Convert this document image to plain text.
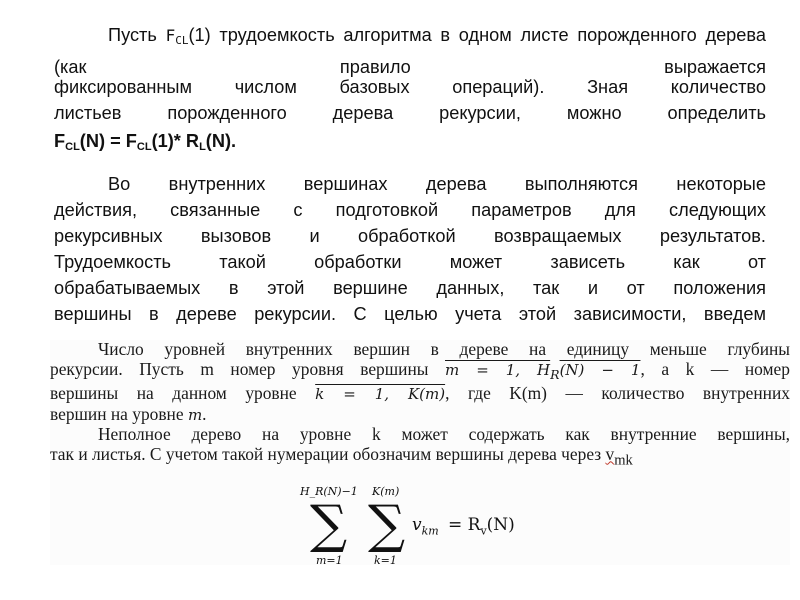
Пусть $F_{CL}(1)$ трудоемкость алгоритма в одном листе порожденного дерева (как правило выражается
фиксированным числом базовых операций). Зная количество
листьев порожденного дерева рекурсии, можно определить
$F_{CL}(N) = F_{CL}(1)*$ $R_L(N)$.
Во внутренних вершинах дерева выполняются некоторые
действия, связанные с подготовкой параметров для следующих
рекурсивных вызовов и обработкой возвращаемых результатов.
Трудоемкость такой обработки может зависеть как от
обрабатываемых в этой вершине данных, так и от положения
вершины в дереве рекурсии. С целью учета этой зависимости, введем

Число уровней внутренних вершин в дереве на единицу меньше глубины

рекурсии. Пусть m номер уровня вершины m = 1, $H_R(N) - 1$, а k — номер

вершины на данном уровне k = 1, K(m), где K(m) — количество внутренних

вершин на уровне m.

Неполное дерево на уровне k может содержать как внутренние вершины,

так и листья. С учетом такой нумерации обозначим вершины дерева через $v_{mk}$

H_R(N)−1
∑
m=1
K(m)
∑
k=1
$v_{km} = R_v(N)$
